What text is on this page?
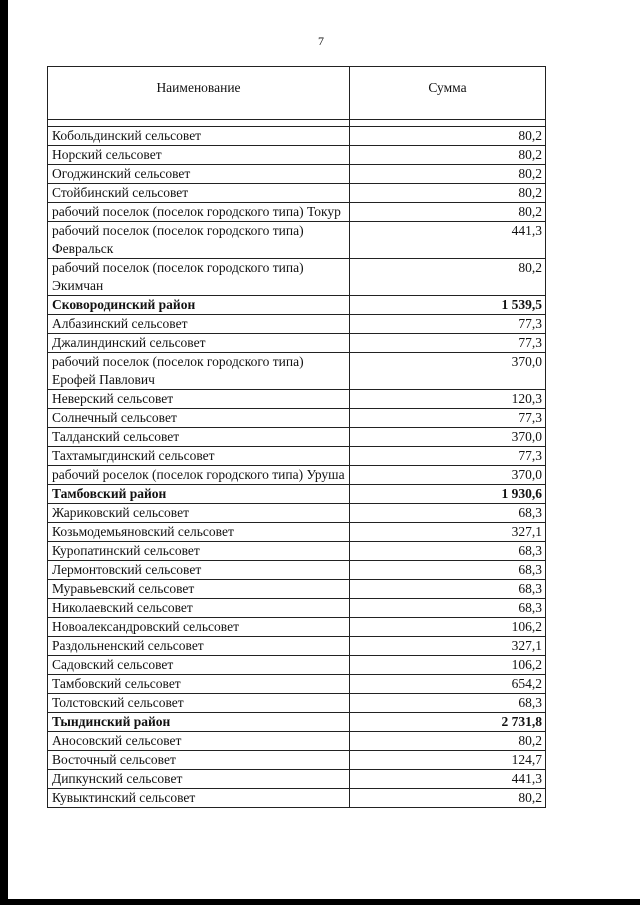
7
Наименование	Сумма

Кобольдинский сельсовет	80,2
Норский сельсовет	80,2
Огоджинский сельсовет	80,2
Стойбинский сельсовет	80,2
рабочий поселок (поселок городского типа) Токур	80,2
рабочий поселок (поселок городского типа) Февральск	441,3
рабочий поселок (поселок городского типа) Экимчан	80,2
Сковородинский район	1 539,5
Албазинский сельсовет	77,3
Джалиндинский сельсовет	77,3
рабочий поселок (поселок городского типа) Ерофей Павлович	370,0
Неверский сельсовет	120,3
Солнечный сельсовет	77,3
Талданский сельсовет	370,0
Тахтамыгдинский сельсовет	77,3
рабочий роселок (поселок городского типа) Уруша	370,0
Тамбовский район	1 930,6
Жариковский сельсовет	68,3
Козьмодемьяновский сельсовет	327,1
Куропатинский сельсовет	68,3
Лермонтовский сельсовет	68,3
Муравьевский сельсовет	68,3
Николаевский сельсовет	68,3
Новоалександровский сельсовет	106,2
Раздольненский сельсовет	327,1
Садовский сельсовет	106,2
Тамбовский сельсовет	654,2
Толстовский сельсовет	68,3
Тындинский район	2 731,8
Аносовский сельсовет	80,2
Восточный сельсовет	124,7
Дипкунский сельсовет	441,3
Кувыктинский сельсовет	80,2
